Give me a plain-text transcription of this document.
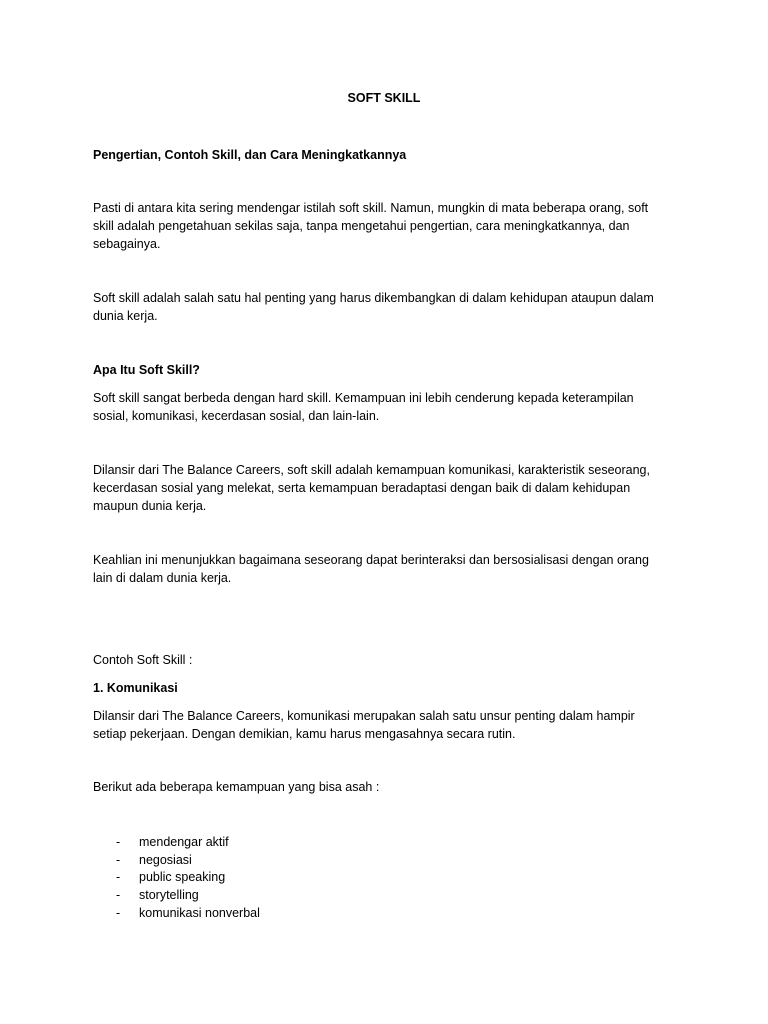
SOFT SKILL

Pengertian, Contoh Skill, dan Cara Meningkatkannya

Pasti di antara kita sering mendengar istilah soft skill. Namun, mungkin di mata beberapa orang, soft

skill adalah pengetahuan sekilas saja, tanpa mengetahui pengertian, cara meningkatkannya, dan

sebagainya.

Soft skill adalah salah satu hal penting yang harus dikembangkan di dalam kehidupan ataupun dalam

dunia kerja.

Apa Itu Soft Skill?

Soft skill sangat berbeda dengan hard skill. Kemampuan ini lebih cenderung kepada keterampilan

sosial, komunikasi, kecerdasan sosial, dan lain-lain.

Dilansir dari The Balance Careers, soft skill adalah kemampuan komunikasi, karakteristik seseorang,

kecerdasan sosial yang melekat, serta kemampuan beradaptasi dengan baik di dalam kehidupan

maupun dunia kerja.

Keahlian ini menunjukkan bagaimana seseorang dapat berinteraksi dan bersosialisasi dengan orang

lain di dalam dunia kerja.

Contoh Soft Skill :

1. Komunikasi

Dilansir dari The Balance Careers, komunikasi merupakan salah satu unsur penting dalam hampir

setiap pekerjaan. Dengan demikian, kamu harus mengasahnya secara rutin.

Berikut ada beberapa kemampuan yang bisa asah :

-	mendengar aktif
-	negosiasi
-	public speaking
-	storytelling
-	komunikasi nonverbal
